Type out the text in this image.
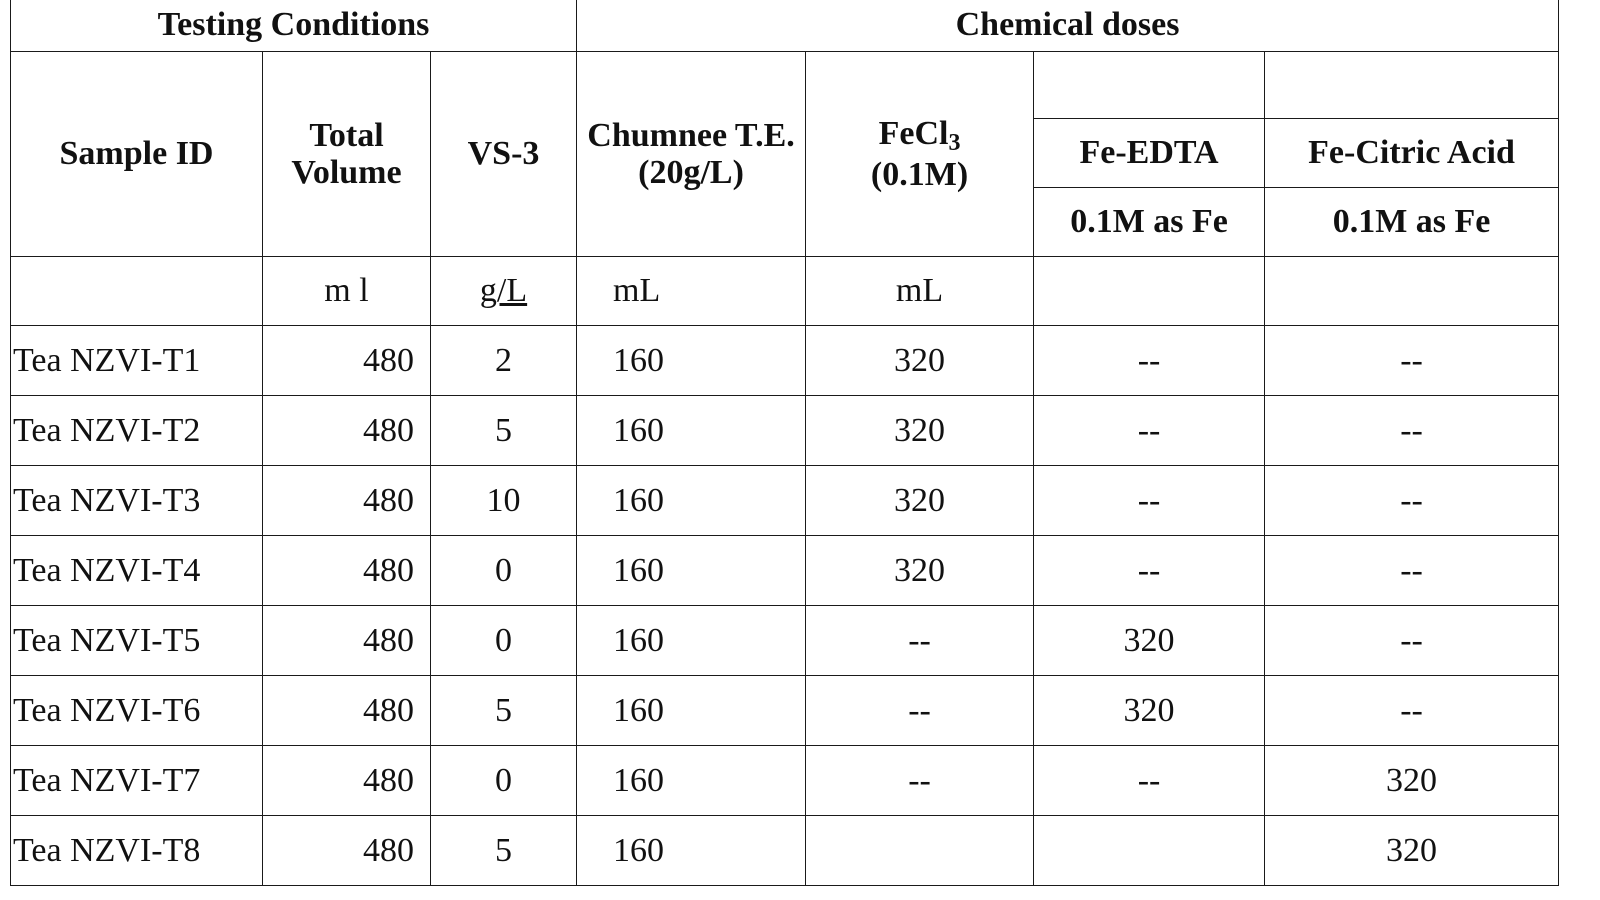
Testing Conditions			Chemical doses			
Sample ID	Total Volume	VS-3	Chumnee T.E. (20g/L)	FeCl$_3$
(0.1M)		
					Fe-EDTA	Fe-Citric Acid
					0.1M as Fe	0.1M as Fe
	m l	g/L	mL	mL		
Tea NZVI-T1	480	2	160	320	--	--
Tea NZVI-T2	480	5	160	320	--	--
Tea NZVI-T3	480	10	160	320	--	--
Tea NZVI-T4	480	0	160	320	--	--
Tea NZVI-T5	480	0	160	--	320	--
Tea NZVI-T6	480	5	160	--	320	--
Tea NZVI-T7	480	0	160	--	--	320
Tea NZVI-T8	480	5	160			320
